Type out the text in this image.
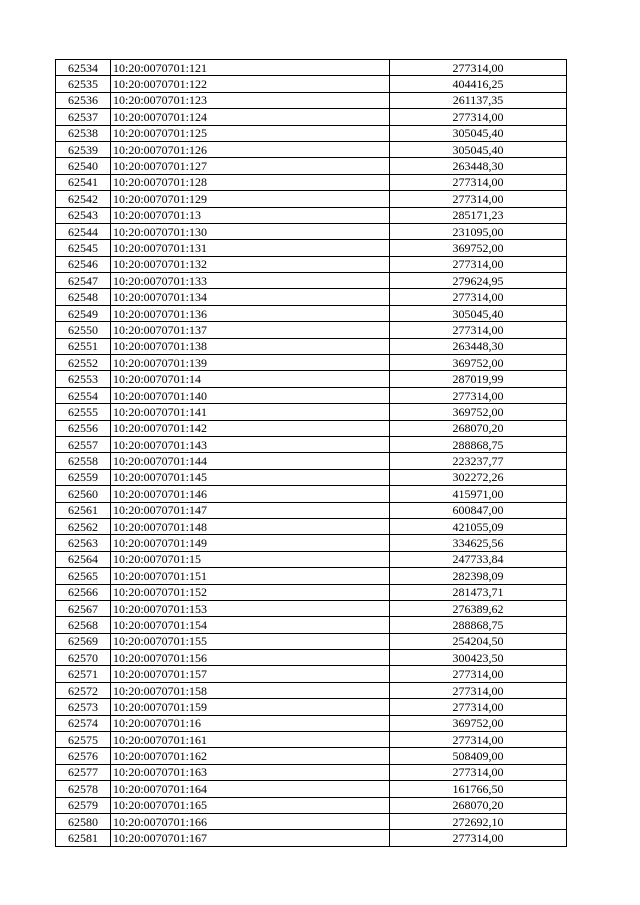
62534	10:20:0070701:121	277314,00
62535	10:20:0070701:122	404416,25
62536	10:20:0070701:123	261137,35
62537	10:20:0070701:124	277314,00
62538	10:20:0070701:125	305045,40
62539	10:20:0070701:126	305045,40
62540	10:20:0070701:127	263448,30
62541	10:20:0070701:128	277314,00
62542	10:20:0070701:129	277314,00
62543	10:20:0070701:13	285171,23
62544	10:20:0070701:130	231095,00
62545	10:20:0070701:131	369752,00
62546	10:20:0070701:132	277314,00
62547	10:20:0070701:133	279624,95
62548	10:20:0070701:134	277314,00
62549	10:20:0070701:136	305045,40
62550	10:20:0070701:137	277314,00
62551	10:20:0070701:138	263448,30
62552	10:20:0070701:139	369752,00
62553	10:20:0070701:14	287019,99
62554	10:20:0070701:140	277314,00
62555	10:20:0070701:141	369752,00
62556	10:20:0070701:142	268070,20
62557	10:20:0070701:143	288868,75
62558	10:20:0070701:144	223237,77
62559	10:20:0070701:145	302272,26
62560	10:20:0070701:146	415971,00
62561	10:20:0070701:147	600847,00
62562	10:20:0070701:148	421055,09
62563	10:20:0070701:149	334625,56
62564	10:20:0070701:15	247733,84
62565	10:20:0070701:151	282398,09
62566	10:20:0070701:152	281473,71
62567	10:20:0070701:153	276389,62
62568	10:20:0070701:154	288868,75
62569	10:20:0070701:155	254204,50
62570	10:20:0070701:156	300423,50
62571	10:20:0070701:157	277314,00
62572	10:20:0070701:158	277314,00
62573	10:20:0070701:159	277314,00
62574	10:20:0070701:16	369752,00
62575	10:20:0070701:161	277314,00
62576	10:20:0070701:162	508409,00
62577	10:20:0070701:163	277314,00
62578	10:20:0070701:164	161766,50
62579	10:20:0070701:165	268070,20
62580	10:20:0070701:166	272692,10
62581	10:20:0070701:167	277314,00
